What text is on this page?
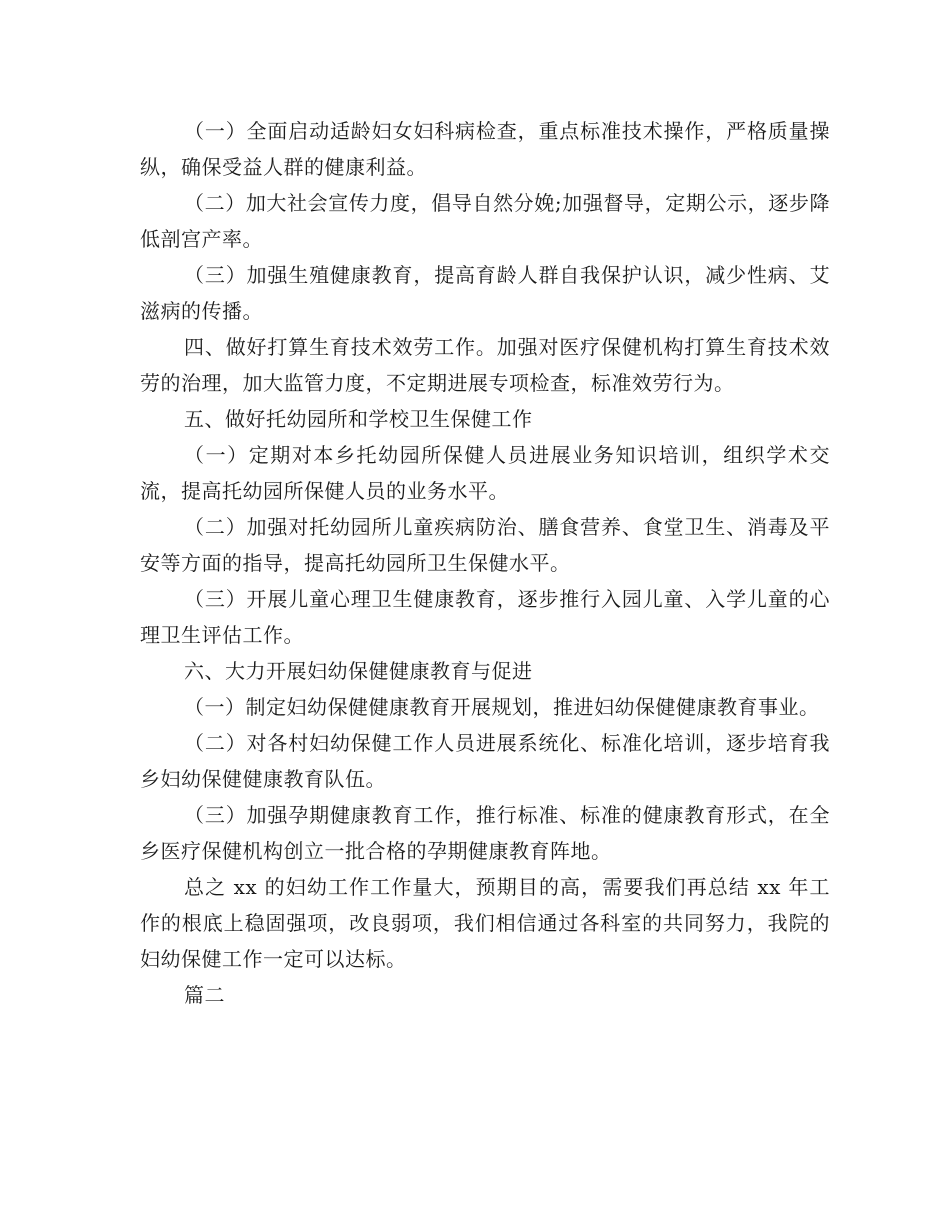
（一）全面启动适龄妇女妇科病检查，重点标准技术操作，严格质量操纵，确保受益人群的健康利益。

（二）加大社会宣传力度，倡导自然分娩;加强督导，定期公示，逐步降低剖宫产率。

（三）加强生殖健康教育，提高育龄人群自我保护认识，减少性病、艾滋病的传播。

四、做好打算生育技术效劳工作。加强对医疗保健机构打算生育技术效劳的治理，加大监管力度，不定期进展专项检查，标准效劳行为。

五、做好托幼园所和学校卫生保健工作

（一）定期对本乡托幼园所保健人员进展业务知识培训，组织学术交流，提高托幼园所保健人员的业务水平。

（二）加强对托幼园所儿童疾病防治、膳食营养、食堂卫生、消毒及平安等方面的指导，提高托幼园所卫生保健水平。

（三）开展儿童心理卫生健康教育，逐步推行入园儿童、入学儿童的心理卫生评估工作。

六、大力开展妇幼保健健康教育与促进

（一）制定妇幼保健健康教育开展规划，推进妇幼保健健康教育事业。

（二）对各村妇幼保健工作人员进展系统化、标准化培训，逐步培育我乡妇幼保健健康教育队伍。

（三）加强孕期健康教育工作，推行标准、标准的健康教育形式，在全乡医疗保健机构创立一批合格的孕期健康教育阵地。

总之 xx 的妇幼工作工作量大，预期目的高，需要我们再总结 xx 年工作的根底上稳固强项，改良弱项，我们相信通过各科室的共同努力，我院的妇幼保健工作一定可以达标。

篇二
